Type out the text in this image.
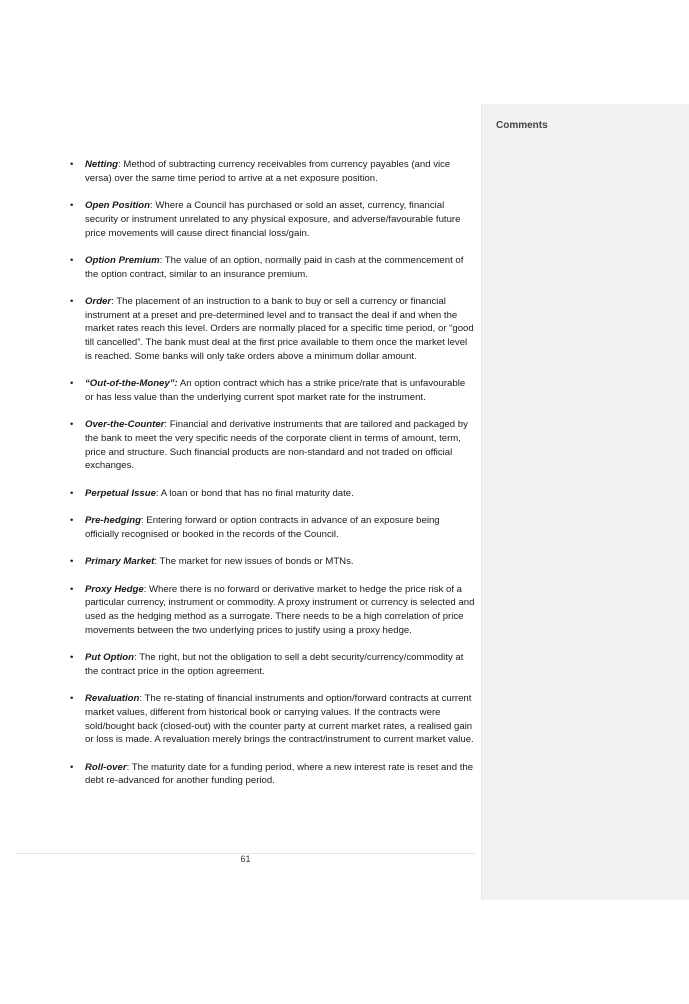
Comments
• Netting: Method of subtracting currency receivables from currency payables (and vice versa) over the same time period to arrive at a net exposure position.
• Open Position: Where a Council has purchased or sold an asset, currency, financial security or instrument unrelated to any physical exposure, and adverse/favourable future price movements will cause direct financial loss/gain.
• Option Premium: The value of an option, normally paid in cash at the commencement of the option contract, similar to an insurance premium.
• Order: The placement of an instruction to a bank to buy or sell a currency or financial instrument at a preset and pre-determined level and to transact the deal if and when the market rates reach this level. Orders are normally placed for a specific time period, or “good till cancelled”. The bank must deal at the first price available to them once the market level is reached. Some banks will only take orders above a minimum dollar amount.
• “Out-of-the-Money”: An option contract which has a strike price/rate that is unfavourable or has less value than the underlying current spot market rate for the instrument.
• Over-the-Counter: Financial and derivative instruments that are tailored and packaged by the bank to meet the very specific needs of the corporate client in terms of amount, term, price and structure. Such financial products are non-standard and not traded on official exchanges.
• Perpetual Issue: A loan or bond that has no final maturity date.
• Pre-hedging: Entering forward or option contracts in advance of an exposure being officially recognised or booked in the records of the Council.
• Primary Market: The market for new issues of bonds or MTNs.
• Proxy Hedge: Where there is no forward or derivative market to hedge the price risk of a particular currency, instrument or commodity. A proxy instrument or currency is selected and used as the hedging method as a surrogate. There needs to be a high correlation of price movements between the two underlying prices to justify using a proxy hedge.
• Put Option: The right, but not the obligation to sell a debt security/currency/commodity at the contract price in the option agreement.
• Revaluation: The re-stating of financial instruments and option/forward contracts at current market values, different from historical book or carrying values. If the contracts were sold/bought back (closed-out) with the counter party at current market rates, a realised gain or loss is made. A revaluation merely brings the contract/instrument to current market value.
• Roll-over: The maturity date for a funding period, where a new interest rate is reset and the debt re-advanced for another funding period.
61
